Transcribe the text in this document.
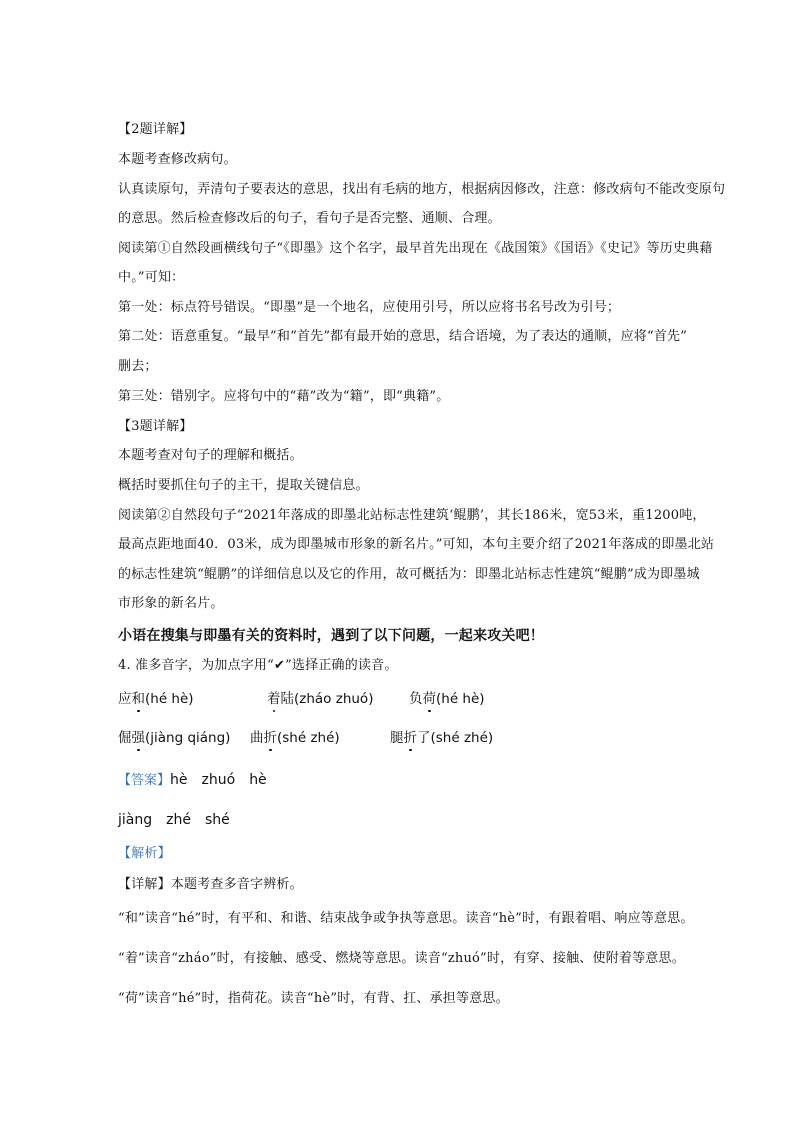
【2题详解】
本题考查修改病句。
认真读原句，弄清句子要表达的意思，找出有毛病的地方，根据病因修改，注意：修改病句不能改变原句
的意思。然后检查修改后的句子，看句子是否完整、通顺、合理。
阅读第①自然段画横线句子“《即墨》这个名字，最早首先出现在《战国策》《国语》《史记》等历史典藉
中。”可知：
第一处：标点符号错误。“即墨”是一个地名，应使用引号，所以应将书名号改为引号；
第二处：语意重复。“最早”和“首先”都有最开始的意思，结合语境，为了表达的通顺，应将“首先”
删去；
第三处：错别字。应将句中的“藉”改为“籍”，即“典籍”。
【3题详解】
本题考查对句子的理解和概括。
概括时要抓住句子的主干，提取关键信息。
阅读第②自然段句子“2021年落成的即墨北站标志性建筑‘鲲鹏’，其长186米，宽53米，重1200吨，
最高点距地面40．03米，成为即墨城市形象的新名片。”可知，本句主要介绍了2021年落成的即墨北站
的标志性建筑“鲲鹏”的详细信息以及它的作用，故可概括为：即墨北站标志性建筑“鲲鹏”成为即墨城
市形象的新名片。
小语在搜集与即墨有关的资料时，遇到了以下问题，一起来攻关吧！
4. 准多音字，为加点字用“✔”选择正确的读音。
应和(hé hè)	着陆(zháo zhuó)	负荷(hé hè)
倔强(jiàng qiáng) 曲折(shé zhé)	腿折了(shé zhé)
【答案】hè zhuó hè
jiàng zhé shé
【解析】
【详解】本题考查多音字辨析。
“和”读音“hé”时，有平和、和谐、结束战争或争执等意思。读音“hè”时，有跟着唱、响应等意思。
“着”读音“zháo”时，有接触、感受、燃烧等意思。读音“zhuó”时，有穿、接触、使附着等意思。
“荷”读音“hé”时，指荷花。读音“hè”时，有背、扛、承担等意思。
